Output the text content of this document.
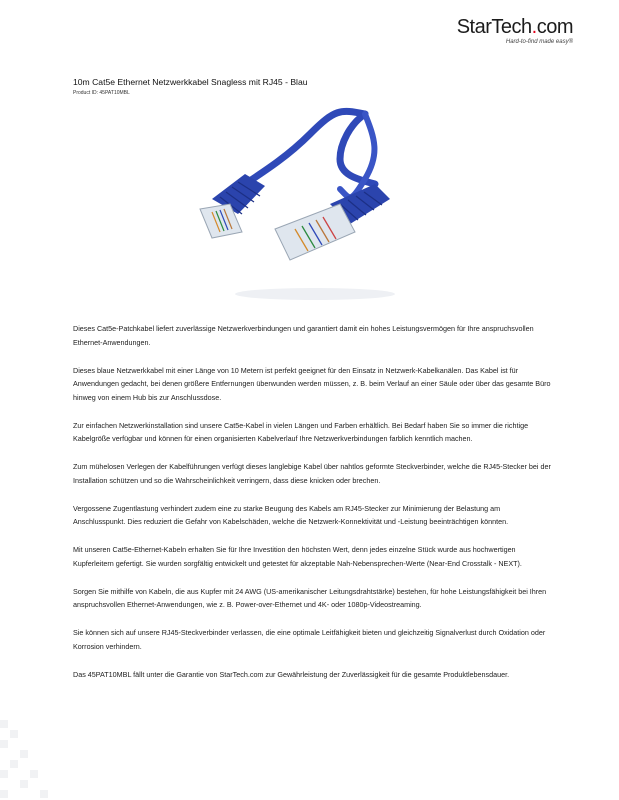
StarTech.com
Hard-to-find made easy®
10m Cat5e Ethernet Netzwerkkabel Snagless mit RJ45 - Blau
Product ID: 45PAT10MBL

Dieses Cat5e-Patchkabel liefert zuverlässige Netzwerkverbindungen und garantiert damit ein hohes Leistungsvermögen für Ihre anspruchsvollen Ethernet-Anwendungen.

Dieses blaue Netzwerkkabel mit einer Länge von 10 Metern ist perfekt geeignet für den Einsatz in Netzwerk-Kabelkanälen. Das Kabel ist für Anwendungen gedacht, bei denen größere Entfernungen überwunden werden müssen, z. B. beim Verlauf an einer Säule oder über das gesamte Büro hinweg von einem Hub bis zur Anschlussdose.

Zur einfachen Netzwerkinstallation sind unsere Cat5e-Kabel in vielen Längen und Farben erhältlich. Bei Bedarf haben Sie so immer die richtige Kabelgröße verfügbar und können für einen organisierten Kabelverlauf Ihre Netzwerkverbindungen farblich kenntlich machen.

Zum mühelosen Verlegen der Kabelführungen verfügt dieses langlebige Kabel über nahtlos geformte Steckverbinder, welche die RJ45-Stecker bei der Installation schützen und so die Wahrscheinlichkeit verringern, dass diese knicken oder brechen.

Vergossene Zugentlastung verhindert zudem eine zu starke Beugung des Kabels am RJ45-Stecker zur Minimierung der Belastung am Anschlusspunkt. Dies reduziert die Gefahr von Kabelschäden, welche die Netzwerk-Konnektivität und -Leistung beeinträchtigen könnten.

Mit unseren Cat5e-Ethernet-Kabeln erhalten Sie für Ihre Investition den höchsten Wert, denn jedes einzelne Stück wurde aus hochwertigen Kupferleitern gefertigt. Sie wurden sorgfältig entwickelt und getestet für akzeptable Nah-Nebensprechen-Werte (Near-End Crosstalk - NEXT).

Sorgen Sie mithilfe von Kabeln, die aus Kupfer mit 24 AWG (US-amerikanischer Leitungsdrahtstärke) bestehen, für hohe Leistungsfähigkeit bei Ihren anspruchsvollen Ethernet-Anwendungen, wie z. B. Power-over-Ethernet und 4K- oder 1080p-Videostreaming.

Sie können sich auf unsere RJ45-Steckverbinder verlassen, die eine optimale Leitfähigkeit bieten und gleichzeitig Signalverlust durch Oxidation oder Korrosion verhindern.

Das 45PAT10MBL fällt unter die Garantie von StarTech.com zur Gewährleistung der Zuverlässigkeit für die gesamte Produktlebensdauer.
